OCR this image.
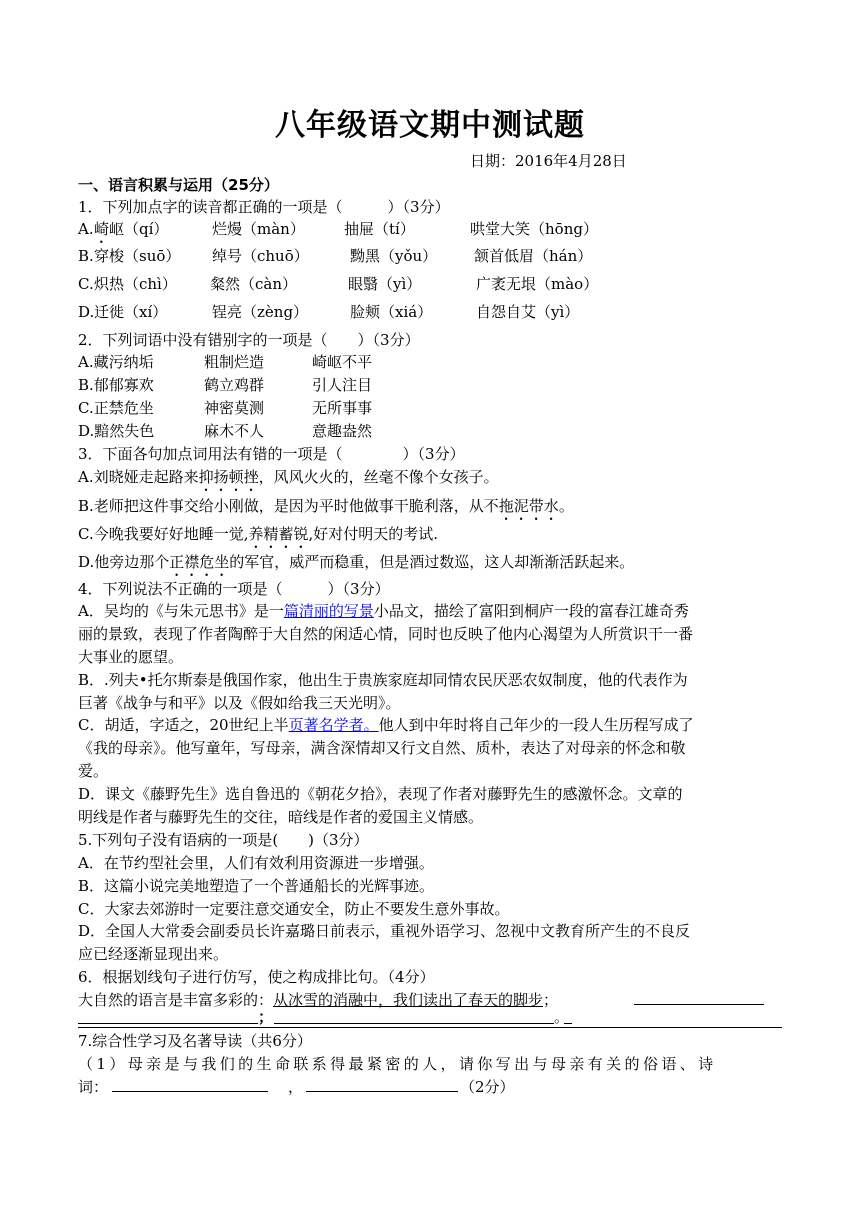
八年级语文期中测试题
日期：2016年4月28日
一、语言积累与运用（25分）
1．下列加点字的读音都正确的一项是（　　　）（3分）
A. 崎岖（qí）	烂熳（màn）	抽屉（tí）	哄堂大笑（hōng）
B. 穿梭（suō） 绰号（chuō）	黝黑（yǒu） 颔首低眉（hán）
C. 炽热（chì） 粲然（càn）	眼翳（yì）	广袤无垠（mào）
D. 迁徙（xí）	锃亮（zèng）	脸颊（xiá）	自怨自艾（yì）
2．下列词语中没有错别字的一项是（　　）（3分）
A.藏污纳垢	粗制烂造	崎岖不平
B.郁郁寡欢	鹤立鸡群	引人注目
C.正禁危坐	神密莫测	无所事事
D.黯然失色	麻木不人	意趣盎然
3．下面各句加点词用法有错的一项是（　　　　）（3分）
A.刘晓娅走起路来抑扬顿挫，风风火火的，丝毫不像个女孩子。
B.老师把这件事交给小刚做，是因为平时他做事干脆利落，从不拖泥带水。
C.今晚我要好好地睡一觉,养精蓄锐,好对付明天的考试.
D.他旁边那个正襟危坐的军官，威严而稳重，但是酒过数巡，这人却渐渐活跃起来。
4．下列说法不正确的一项是（　　　）（3分）
A．吴均的《与朱元思书》是一篇清丽的写景小品文，描绘了富阳到桐庐一段的富春江雄奇秀
丽的景致，表现了作者陶醉于大自然的闲适心情，同时也反映了他内心渴望为人所赏识干一番
大事业的愿望。
B．.列夫•托尔斯泰是俄国作家，他出生于贵族家庭却同情农民厌恶农奴制度，他的代表作为
巨著《战争与和平》以及《假如给我三天光明》。
C．胡适，字适之，20世纪上半页著名学者。他人到中年时将自己年少的一段人生历程写成了
《我的母亲》。他写童年，写母亲，满含深情却又行文自然、质朴，表达了对母亲的怀念和敬
爱。
D．课文《藤野先生》选自鲁迅的《朝花夕拾》，表现了作者对藤野先生的感激怀念。文章的
明线是作者与藤野先生的交往，暗线是作者的爱国主义情感。
5.下列句子没有语病的一项是(　　)（3分）
A．在节约型社会里，人们有效利用资源进一步增强。
B．这篇小说完美地塑造了一个普通船长的光辉事迹。
C．大家去郊游时一定要注意交通安全，防止不要发生意外事故。
D．全国人大常委会副委员长许嘉璐日前表示，重视外语学习、忽视中文教育所产生的不良反
应已经逐渐显现出来。
6．根据划线句子进行仿写，使之构成排比句。（4分）
大自然的语言是丰富多彩的：从冰雪的消融中，我们读出了春天的脚步；
；	。
7.综合性学习及名著导读（共6分）
（1）母亲是与我们的生命联系得最紧密的人，请你写出与母亲有关的俗语、诗
词：	，	（2分）
